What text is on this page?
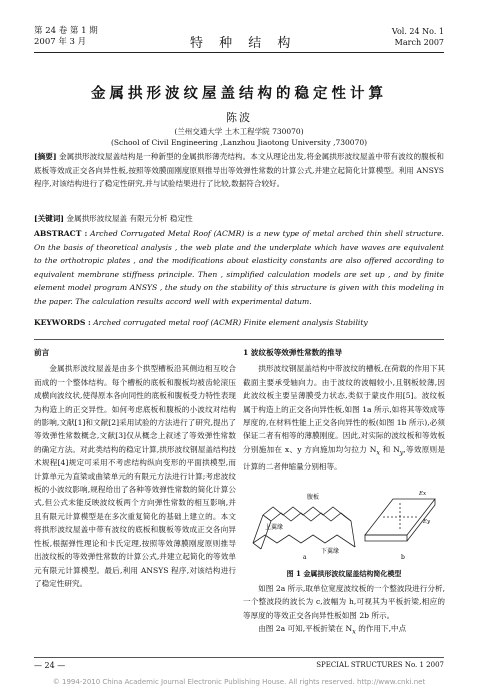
第 24 卷 第 1 期
2007 年 3 月	特 种 结 构
Vol. 24 No. 1
March 2007
金属拱形波纹屋盖结构的稳定性计算
陈波
(兰州交通大学 土木工程学院 730070)
(School of Civil Engineering ,Lanzhou Jiaotong University ,730070)
[摘要] 金属拱形波纹屋盖结构是一种新型的金属拱形薄壳结构。本文从理论出发,将金属拱形波纹屋盖中带有波纹的腹板和底板等效成正交各向异性板,按照等效膜面刚度原则推导出等效弹性常数的计算公式,并建立起简化计算模型。利用 ANSYS 程序,对该结构进行了稳定性研究,并与试验结果进行了比较,数据符合较好。
[关键词] 金属拱形波纹屋盖 有限元分析 稳定性
ABSTRACT : Arched Corrugated Metal Roof (ACMR) is a new type of metal arched thin shell structure. On the basis of theoretical analysis , the web plate and the underplate which have waves are equivalent to the orthotropic plates , and the modifications about elasticity constants are also offered according to equivalent membrane stiffness principle. Then , simplified calculation models are set up , and by finite element model program ANSYS , the study on the stability of this structure is given with this modeling in the paper. The calculation results accord well with experimental datum.
KEYWORDS : Arched corrugated metal roof (ACMR) Finite element analysis Stability
前言

金属拱形波纹屋盖是由多个拱型槽板沿其侧边相互咬合而成的一个整体结构。每个槽板的底板和腹板均被齿轮滚压成横向波纹状,使得原本各向同性的底板和腹板受力特性表现为构造上的正交异性。如何考虑底板和腹板的小波纹对结构的影响,文献[1]和文献[2]采用试验的方法进行了研究,提出了等效弹性常数概念,文献[3]仅从概念上叙述了等效弹性常数的确定方法。对此类结构的稳定计算,拱形波纹钢屋盖结构技术规程[4]规定可采用不考虑结构纵向变形的平面拱模型,而计算单元为直梁或曲梁单元的有限元方法进行计算;考虑波纹板的小波纹影响,规程给出了各种等效弹性常数的简化计算公式,但公式未能反映波纹板两个方向弹性常数的相互影响,并且有限元计算模型是在多次重复简化的基础上建立的。本文将拱形波纹屋盖中带有波纹的底板和腹板等效成正交各向异性板,根据弹性理论和卡氏定理,按照等效薄膜刚度原则推导出波纹板的等效弹性常数的计算公式,并建立起简化的等效单元有限元计算模型。最后,利用 ANSYS 程序,对该结构进行了稳定性研究。

1 波纹板等效弹性常数的推导

拱形波纹钢屋盖结构中带波纹的槽板,在荷载的作用下其截面主要承受轴向力。由于波纹的波幅较小,且钢板较薄,因此波纹板主要呈薄膜受力状态,类似于蒙皮作用[5]。波纹板属于构造上的正交各向异性板,如图 1a 所示,如将其等效成等厚度的,在材料性能上正交各向异性的板(如图 1b 所示),必须保证二者有相等的薄膜刚度。因此,对实际的波纹板和等效板分别施加在 x、y 方向施加均匀拉力 $N_x$ 和 $N_y$,等效原则是计算的二者伸缩量分别相等。

腹板
上翼缘
下翼缘
Ex
Ey
a	b
图 1 金属拱形波纹屋盖结构简化模型

如图 2a 所示,取单位宽度波纹板的一个整波段进行分析,一个整波段的波长为 c,波幅为 h,可视其为平板折梁,相应的等厚度的等效正交各向异性板如图 2b 所示。

由图 2a 可知,平板折梁在 $N_x$ 的作用下,中点

— 24 —	SPECIAL STRUCTURES No. 1 2007
© 1994-2010 China Academic Journal Electronic Publishing House. All rights reserved. http://www.cnki.net
